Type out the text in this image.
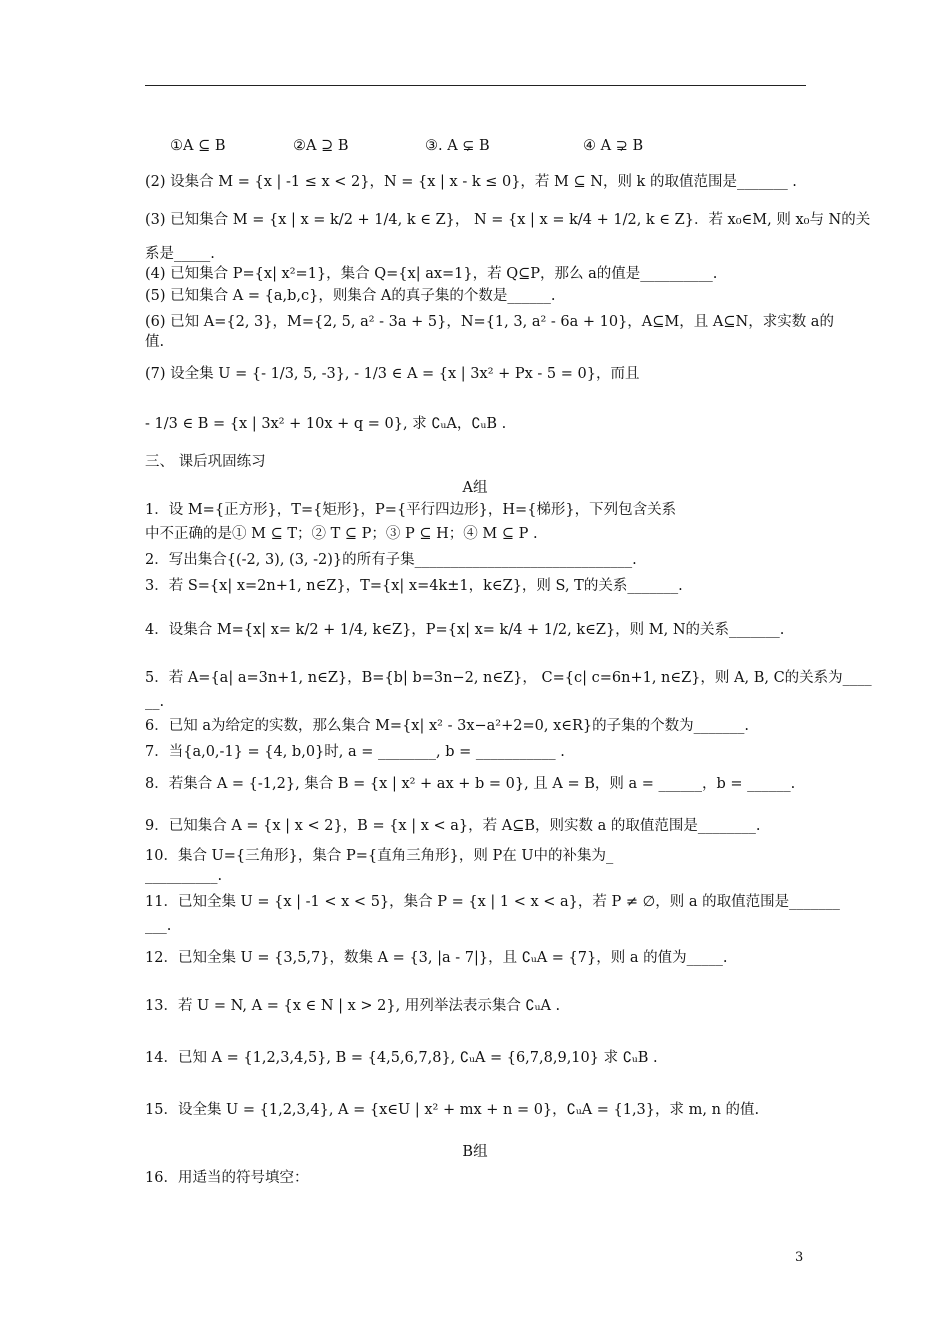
①A ⊆ B	②A ⊇ B	③. A ⊊ B	④ A ⊋ B
(2) 设集合 M = {x | -1 ≤ x < 2}，N = {x | x - k ≤ 0}，若 M ⊆ N，则 k 的取值范围是_______ .
(3) 已知集合 M = {x | x = k/2 + 1/4, k ∈ Z}， N = {x | x = k/4 + 1/2, k ∈ Z}．若 x₀∈M, 则 x₀与 N的关
系是_____.
(4) 已知集合 P={x| x²=1}，集合 Q={x| ax=1}，若 Q⊆P，那么 a的值是__________.
(5) 已知集合 A = {a,b,c}，则集合 A的真子集的个数是______.
(6) 已知 A={2, 3}，M={2, 5, a² - 3a + 5}，N={1, 3, a² - 6a + 10}，A⊆M，且 A⊆N，求实数 a的
值.
(7) 设全集 U = {- 1/3, 5, -3}, - 1/3 ∈ A = {x | 3x² + Px - 5 = 0}，而且
- 1/3 ∈ B = {x | 3x² + 10x + q = 0}, 求 ∁ᵤA，∁ᵤB .
三、 课后巩固练习
A组
1．设 M={正方形}，T={矩形}，P={平行四边形}，H={梯形}，下列包含关系
中不正确的是① M ⊆ T；② T ⊆ P；③ P ⊆ H；④ M ⊆ P .
2．写出集合{(-2, 3), (3, -2)}的所有子集______________________________.
3．若 S={x| x=2n+1, n∈Z}，T={x| x=4k±1，k∈Z}，则 S, T的关系_______.
4．设集合 M={x| x= k/2 + 1/4, k∈Z}，P={x| x= k/4 + 1/2, k∈Z}，则 M, N的关系_______.
5．若 A={a| a=3n+1, n∈Z}，B={b| b=3n−2, n∈Z}， C={c| c=6n+1, n∈Z}，则 A, B, C的关系为____
__.
6．已知 a为给定的实数，那么集合 M={x| x² - 3x−a²+2=0, x∈R}的子集的个数为_______.
7．当{a,0,-1} = {4, b,0}时, a = ________, b = ___________ .
8．若集合 A = {-1,2}, 集合 B = {x | x² + ax + b = 0}, 且 A = B，则 a = ______，b = ______.
9．已知集合 A = {x | x < 2}，B = {x | x < a}，若 A⊆B，则实数 a 的取值范围是________.
10．集合 U={三角形}，集合 P={直角三角形}，则 P在 U中的补集为_
__________.
11．已知全集 U = {x | -1 < x < 5}，集合 P = {x | 1 < x < a}，若 P ≠ ∅，则 a 的取值范围是_______
___.
12．已知全集 U = {3,5,7}，数集 A = {3, |a - 7|}，且 ∁ᵤA = {7}，则 a 的值为_____.
13．若 U = N, A = {x ∈ N | x > 2}, 用列举法表示集合 ∁ᵤA .
14．已知 A = {1,2,3,4,5}, B = {4,5,6,7,8}, ∁ᵤA = {6,7,8,9,10} 求 ∁ᵤB .
15．设全集 U = {1,2,3,4}, A = {x∈U | x² + mx + n = 0}，∁ᵤA = {1,3}，求 m, n 的值.
B组
16．用适当的符号填空：
3
